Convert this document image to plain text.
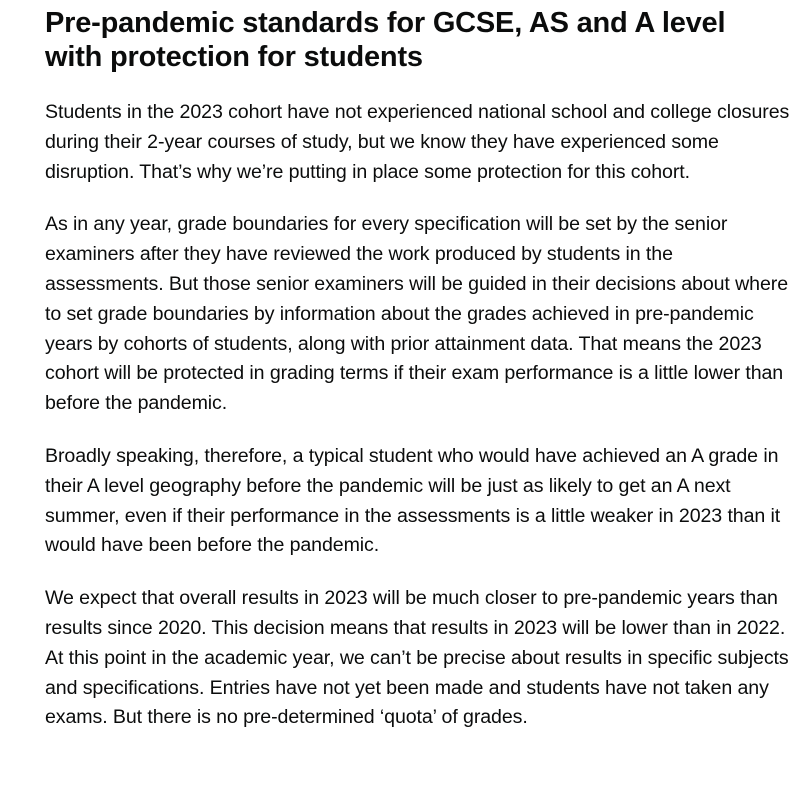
Pre-pandemic standards for GCSE, AS and A level with protection for students

Students in the 2023 cohort have not experienced national school and college closures during their 2-year courses of study, but we know they have experienced some disruption. That’s why we’re putting in place some protection for this cohort.

As in any year, grade boundaries for every specification will be set by the senior examiners after they have reviewed the work produced by students in the assessments. But those senior examiners will be guided in their decisions about where to set grade boundaries by information about the grades achieved in pre-pandemic years by cohorts of students, along with prior attainment data. That means the 2023 cohort will be protected in grading terms if their exam performance is a little lower than before the pandemic.

Broadly speaking, therefore, a typical student who would have achieved an A grade in their A level geography before the pandemic will be just as likely to get an A next summer, even if their performance in the assessments is a little weaker in 2023 than it would have been before the pandemic.

We expect that overall results in 2023 will be much closer to pre-pandemic years than results since 2020. This decision means that results in 2023 will be lower than in 2022. At this point in the academic year, we can’t be precise about results in specific subjects and specifications. Entries have not yet been made and students have not taken any exams. But there is no pre-determined ‘quota’ of grades.
